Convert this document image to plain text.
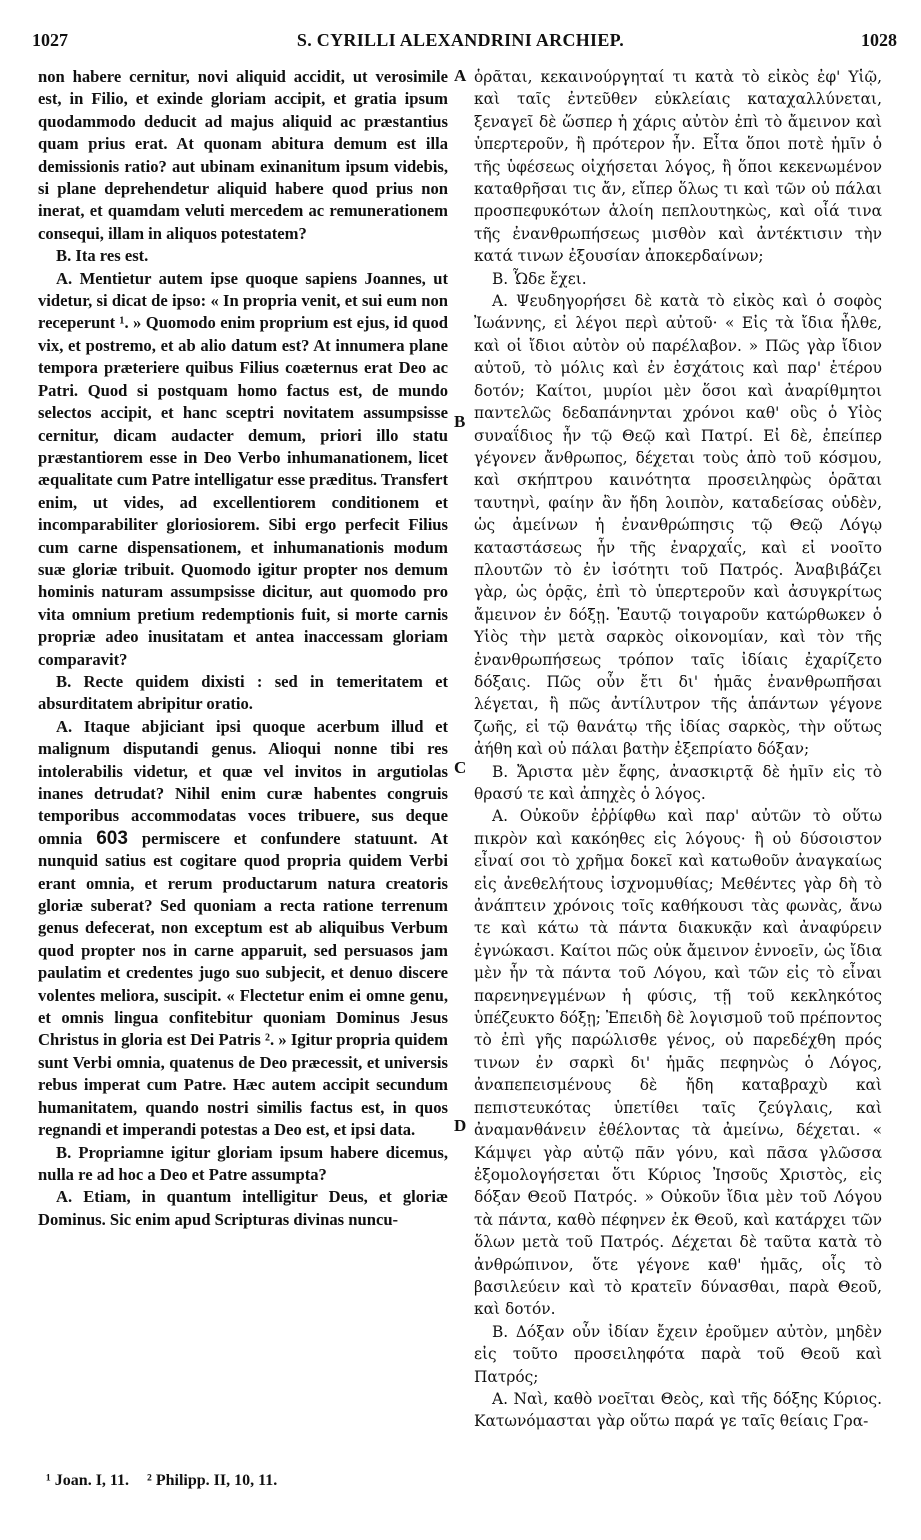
1027	S. CYRILLI ALEXANDRINI ARCHIEP.	1028
A
B
C
D

non habere cernitur, novi aliquid accidit, ut verosimile est, in Filio, et exinde gloriam accipit, et gratia ipsum quodammodo deducit ad majus aliquid ac præstantius quam prius erat. At quonam abitura demum est illa demissionis ratio? aut ubinam exinanitum ipsum videbis, si plane deprehendetur aliquid habere quod prius non inerat, et quamdam veluti mercedem ac remunerationem consequi, illam in aliquos potestatem?

B. Ita res est.

A. Mentietur autem ipse quoque sapiens Joannes, ut videtur, si dicat de ipso: « In propria venit, et sui eum non receperunt ¹. » Quomodo enim proprium est ejus, id quod vix, et postremo, et ab alio datum est? At innumera plane tempora præteriere quibus Filius coæternus erat Deo ac Patri. Quod si postquam homo factus est, de mundo selectos accipit, et hanc sceptri novitatem assumpsisse cernitur, dicam audacter demum, priori illo statu præstantiorem esse in Deo Verbo inhumanationem, licet æqualitate cum Patre intelligatur esse præditus. Transfert enim, ut vides, ad excellentiorem conditionem et incomparabiliter gloriosiorem. Sibi ergo perfecit Filius cum carne dispensationem, et inhumanationis modum suæ gloriæ tribuit. Quomodo igitur propter nos demum hominis naturam assumpsisse dicitur, aut quomodo pro vita omnium pretium redemptionis fuit, si morte carnis propriæ adeo inusitatam et antea inaccessam gloriam comparavit?

B. Recte quidem dixisti : sed in temeritatem et absurditatem abripitur oratio.

A. Itaque abjiciant ipsi quoque acerbum illud et malignum disputandi genus. Alioqui nonne tibi res intolerabilis videtur, et quæ vel invitos in argutiolas inanes detrudat? Nihil enim curæ habentes congruis temporibus accommodatas voces tribuere, sus deque omnia 603 permiscere et confundere statuunt. At nunquid satius est cogitare quod propria quidem Verbi erant omnia, et rerum productarum natura creatoris gloriæ suberat? Sed quoniam a recta ratione terrenum genus defecerat, non exceptum est ab aliquibus Verbum quod propter nos in carne apparuit, sed persuasos jam paulatim et credentes jugo suo subjecit, et denuo discere volentes meliora, suscipit. « Flectetur enim ei omne genu, et omnis lingua confitebitur quoniam Dominus Jesus Christus in gloria est Dei Patris ². » Igitur propria quidem sunt Verbi omnia, quatenus de Deo præcessit, et universis rebus imperat cum Patre. Hæc autem accipit secundum humanitatem, quando nostri similis factus est, in quos regnandi et imperandi potestas a Deo est, et ipsi data.

B. Propriamne igitur gloriam ipsum habere dicemus, nulla re ad hoc a Deo et Patre assumpta?

A. Etiam, in quantum intelligitur Deus, et gloriæ Dominus. Sic enim apud Scripturas divinas nuncu-

ὁρᾶται, κεκαινούργηταί τι κατὰ τὸ εἰκὸς ἐφ' Υἱῷ, καὶ ταῖς ἐντεῦθεν εὐκλείαις καταχαλλύνεται, ξεναγεῖ δὲ ὥσπερ ἡ χάρις αὐτὸν ἐπὶ τὸ ἄμεινον καὶ ὑπερτεροῦν, ἢ πρότερον ἦν. Εἶτα ὅποι ποτὲ ἡμῖν ὁ τῆς ὑφέσεως οἰχήσεται λόγος, ἢ ὅποι κεκενωμένον καταθρῆσαι τις ἄν, εἴπερ ὅλως τι καὶ τῶν οὐ πάλαι προσπεφυκότων ἁλοίη πεπλουτηκὼς, καὶ οἷά τινα τῆς ἐνανθρωπήσεως μισθὸν καὶ ἀντέκτισιν τὴν κατά τινων ἐξουσίαν ἀποκερδαίνων;

Β. Ὧδε ἔχει.

Α. Ψευδηγορήσει δὲ κατὰ τὸ εἰκὸς καὶ ὁ σοφὸς Ἰωάννης, εἰ λέγοι περὶ αὐτοῦ· « Εἰς τὰ ἴδια ἦλθε, καὶ οἱ ἴδιοι αὐτὸν οὐ παρέλαβον. » Πῶς γὰρ ἴδιον αὐτοῦ, τὸ μόλις καὶ ἐν ἐσχάτοις καὶ παρ' ἑτέρου δοτόν; Καίτοι, μυρίοι μὲν ὅσοι καὶ ἀναρίθμητοι παντελῶς δεδαπάνηνται χρόνοι καθ' οὓς ὁ Υἱὸς συναΐδιος ἦν τῷ Θεῷ καὶ Πατρί. Εἰ δὲ, ἐπείπερ γέγονεν ἄνθρωπος, δέχεται τοὺς ἀπὸ τοῦ κόσμου, καὶ σκήπτρου καινότητα προσειληφὼς ὁρᾶται ταυτηνὶ, φαίην ἂν ἤδη λοιπὸν, καταδείσας οὐδὲν, ὡς ἀμείνων ἡ ἐνανθρώπησις τῷ Θεῷ Λόγῳ καταστάσεως ἦν τῆς ἐναρχαΐς, καὶ εἰ νοοῖτο πλουτῶν τὸ ἐν ἰσότητι τοῦ Πατρός. Ἀναβιβάζει γὰρ, ὡς ὁρᾷς, ἐπὶ τὸ ὑπερτεροῦν καὶ ἀσυγκρίτως ἄμεινον ἐν δόξῃ. Ἑαυτῷ τοιγαροῦν κατώρθωκεν ὁ Υἱὸς τὴν μετὰ σαρκὸς οἰκονομίαν, καὶ τὸν τῆς ἐνανθρωπήσεως τρόπον ταῖς ἰδίαις ἐχαρίζετο δόξαις. Πῶς οὖν ἔτι δι' ἡμᾶς ἐνανθρωπῆσαι λέγεται, ἢ πῶς ἀντίλυτρον τῆς ἁπάντων γέγονε ζωῆς, εἰ τῷ θανάτῳ τῆς ἰδίας σαρκὸς, τὴν οὕτως ἀήθη καὶ οὐ πάλαι βατὴν ἐξεπρίατο δόξαν;

Β. Ἄριστα μὲν ἔφης, ἀνασκιρτᾷ δὲ ἡμῖν εἰς τὸ θρασύ τε καὶ ἀπηχὲς ὁ λόγος.

Α. Οὐκοῦν ἐῤῥίφθω καὶ παρ' αὐτῶν τὸ οὕτω πικρὸν καὶ κακόηθες εἰς λόγους· ἢ οὐ δύσοιστον εἶναί σοι τὸ χρῆμα δοκεῖ καὶ κατωθοῦν ἀναγκαίως εἰς ἀνεθελήτους ἰσχνομυθίας; Μεθέντες γὰρ δὴ τὸ ἀνάπτειν χρόνοις τοῖς καθήκουσι τὰς φωνὰς, ἄνω τε καὶ κάτω τὰ πάντα διακυκᾷν καὶ ἀναφύρειν ἐγνώκασι. Καίτοι πῶς οὐκ ἄμεινον ἐννοεῖν, ὡς ἴδια μὲν ἦν τὰ πάντα τοῦ Λόγου, καὶ τῶν εἰς τὸ εἶναι παρενηνεγμένων ἡ φύσις, τῇ τοῦ κεκληκότος ὑπέζευκτο δόξῃ; Ἐπειδὴ δὲ λογισμοῦ τοῦ πρέποντος τὸ ἐπὶ γῆς παρώλισθε γένος, οὐ παρεδέχθη πρός τινων ἐν σαρκὶ δι' ἡμᾶς πεφηνὼς ὁ Λόγος, ἀναπεπεισμένους δὲ ἤδη καταβραχὺ καὶ πεπιστευκότας ὑπετίθει ταῖς ζεύγλαις, καὶ ἀναμανθάνειν ἐθέλοντας τὰ ἀμείνω, δέχεται. « Κάμψει γὰρ αὐτῷ πᾶν γόνυ, καὶ πᾶσα γλῶσσα ἐξομολογήσεται ὅτι Κύριος Ἰησοῦς Χριστὸς, εἰς δόξαν Θεοῦ Πατρός. » Οὐκοῦν ἴδια μὲν τοῦ Λόγου τὰ πάντα, καθὸ πέφηνεν ἐκ Θεοῦ, καὶ κατάρχει τῶν ὅλων μετὰ τοῦ Πατρός. Δέχεται δὲ ταῦτα κατὰ τὸ ἀνθρώπινον, ὅτε γέγονε καθ' ἡμᾶς, οἷς τὸ βασιλεύειν καὶ τὸ κρατεῖν δύνασθαι, παρὰ Θεοῦ, καὶ δοτόν.

Β. Δόξαν οὖν ἰδίαν ἔχειν ἐροῦμεν αὐτὸν, μηδὲν εἰς τοῦτο προσειληφότα παρὰ τοῦ Θεοῦ καὶ Πατρός;

Α. Ναὶ, καθὸ νοεῖται Θεὸς, καὶ τῆς δόξης Κύριος. Κατωνόμασται γὰρ οὕτω παρά γε ταῖς θείαις Γρα-

¹ Joan. I, 11. ² Philipp. II, 10, 11.
